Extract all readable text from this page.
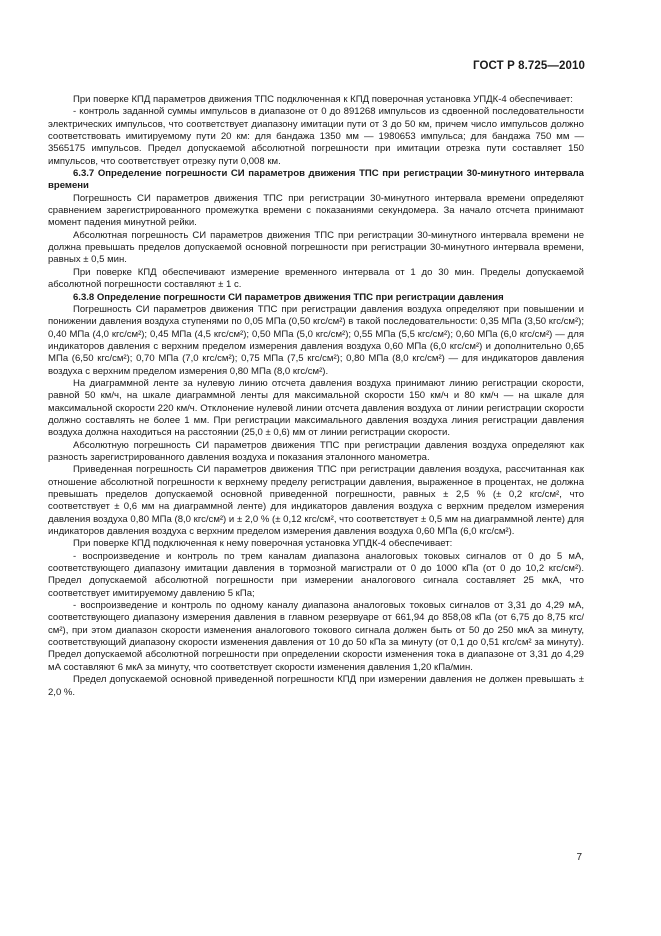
ГОСТ Р 8.725—2010

При поверке КПД параметров движения ТПС подключенная к КПД поверочная установка УПДК-4 обеспечивает:

- контроль заданной суммы импульсов в диапазоне от 0 до 891268 импульсов из сдвоенной последовательности электрических импульсов, что соответствует диапазону имитации пути от 3 до 50 км, причем число импульсов должно соответствовать имитируемому пути 20 км: для бандажа 1350 мм — 1980653 импульса; для бандажа 750 мм — 3565175 импульсов. Предел допускаемой абсолютной погрешности при имитации отрезка пути составляет 150 импульсов, что соответствует отрезку пути 0,008 км.

6.3.7 Определение погрешности СИ параметров движения ТПС при регистрации 30-минутного интервала времени

Погрешность СИ параметров движения ТПС при регистрации 30-минутного интервала времени определяют сравнением зарегистрированного промежутка времени с показаниями секундомера. За начало отсчета принимают момент падения минутной рейки.

Абсолютная погрешность СИ параметров движения ТПС при регистрации 30-минутного интервала времени не должна превышать пределов допускаемой основной погрешности при регистрации 30-минутного интервала времени, равных ± 0,5 мин.

При поверке КПД обеспечивают измерение временного интервала от 1 до 30 мин. Пределы допускаемой абсолютной погрешности составляют ± 1 с.

6.3.8 Определение погрешности СИ параметров движения ТПС при регистрации давления

Погрешность СИ параметров движения ТПС при регистрации давления воздуха определяют при повышении и понижении давления воздуха ступенями по 0,05 МПа (0,50 кгс/см²) в такой последовательности: 0,35 МПа (3,50 кгс/см²); 0,40 МПа (4,0 кгс/см²); 0,45 МПа (4,5 кгс/см²); 0,50 МПа (5,0 кгс/см²); 0,55 МПа (5,5 кгс/см²); 0,60 МПа (6,0 кгс/см²) — для индикаторов давления с верхним пределом измерения давления воздуха 0,60 МПа (6,0 кгс/см²) и дополнительно 0,65 МПа (6,50 кгс/см²); 0,70 МПа (7,0 кгс/см²); 0,75 МПа (7,5 кгс/см²); 0,80 МПа (8,0 кгс/см²) — для индикаторов давления воздуха с верхним пределом измерения 0,80 МПа (8,0 кгс/см²).

На диаграммной ленте за нулевую линию отсчета давления воздуха принимают линию регистрации скорости, равной 50 км/ч, на шкале диаграммной ленты для максимальной скорости 150 км/ч и 80 км/ч — на шкале для максимальной скорости 220 км/ч. Отклонение нулевой линии отсчета давления воздуха от линии регистрации скорости должно составлять не более 1 мм. При регистрации максимального давления воздуха линия регистрации давления воздуха должна находиться на расстоянии (25,0 ± 0,6) мм от линии регистрации скорости.

Абсолютную погрешность СИ параметров движения ТПС при регистрации давления воздуха определяют как разность зарегистрированного давления воздуха и показания эталонного манометра.

Приведенная погрешность СИ параметров движения ТПС при регистрации давления воздуха, рассчитанная как отношение абсолютной погрешности к верхнему пределу регистрации давления, выраженное в процентах, не должна превышать пределов допускаемой основной приведенной погрешности, равных ± 2,5 % (± 0,2 кгс/см², что соответствует ± 0,6 мм на диаграммной ленте) для индикаторов давления воздуха с верхним пределом измерения давления воздуха 0,80 МПа (8,0 кгс/см²) и ± 2,0 % (± 0,12 кгс/см², что соответствует ± 0,5 мм на диаграммной ленте) для индикаторов давления воздуха с верхним пределом измерения давления воздуха 0,60 МПа (6,0 кгс/см²).

При поверке КПД подключенная к нему поверочная установка УПДК-4 обеспечивает:

- воспроизведение и контроль по трем каналам диапазона аналоговых токовых сигналов от 0 до 5 мА, соответствующего диапазону имитации давления в тормозной магистрали от 0 до 1000 кПа (от 0 до 10,2 кгс/см²). Предел допускаемой абсолютной погрешности при измерении аналогового сигнала составляет 25 мкА, что соответствует имитируемому давлению 5 кПа;

- воспроизведение и контроль по одному каналу диапазона аналоговых токовых сигналов от 3,31 до 4,29 мА, соответствующего диапазону измерения давления в главном резервуаре от 661,94 до 858,08 кПа (от 6,75 до 8,75 кгс/см²), при этом диапазон скорости изменения аналогового токового сигнала должен быть от 50 до 250 мкА за минуту, соответствующий диапазону скорости изменения давления от 10 до 50 кПа за минуту (от 0,1 до 0,51 кгс/см² за минуту). Предел допускаемой абсолютной погрешности при определении скорости изменения тока в диапазоне от 3,31 до 4,29 мА составляют 6 мкА за минуту, что соответствует скорости изменения давления 1,20 кПа/мин.

Предел допускаемой основной приведенной погрешности КПД при измерении давления не должен превышать ± 2,0 %.

7
